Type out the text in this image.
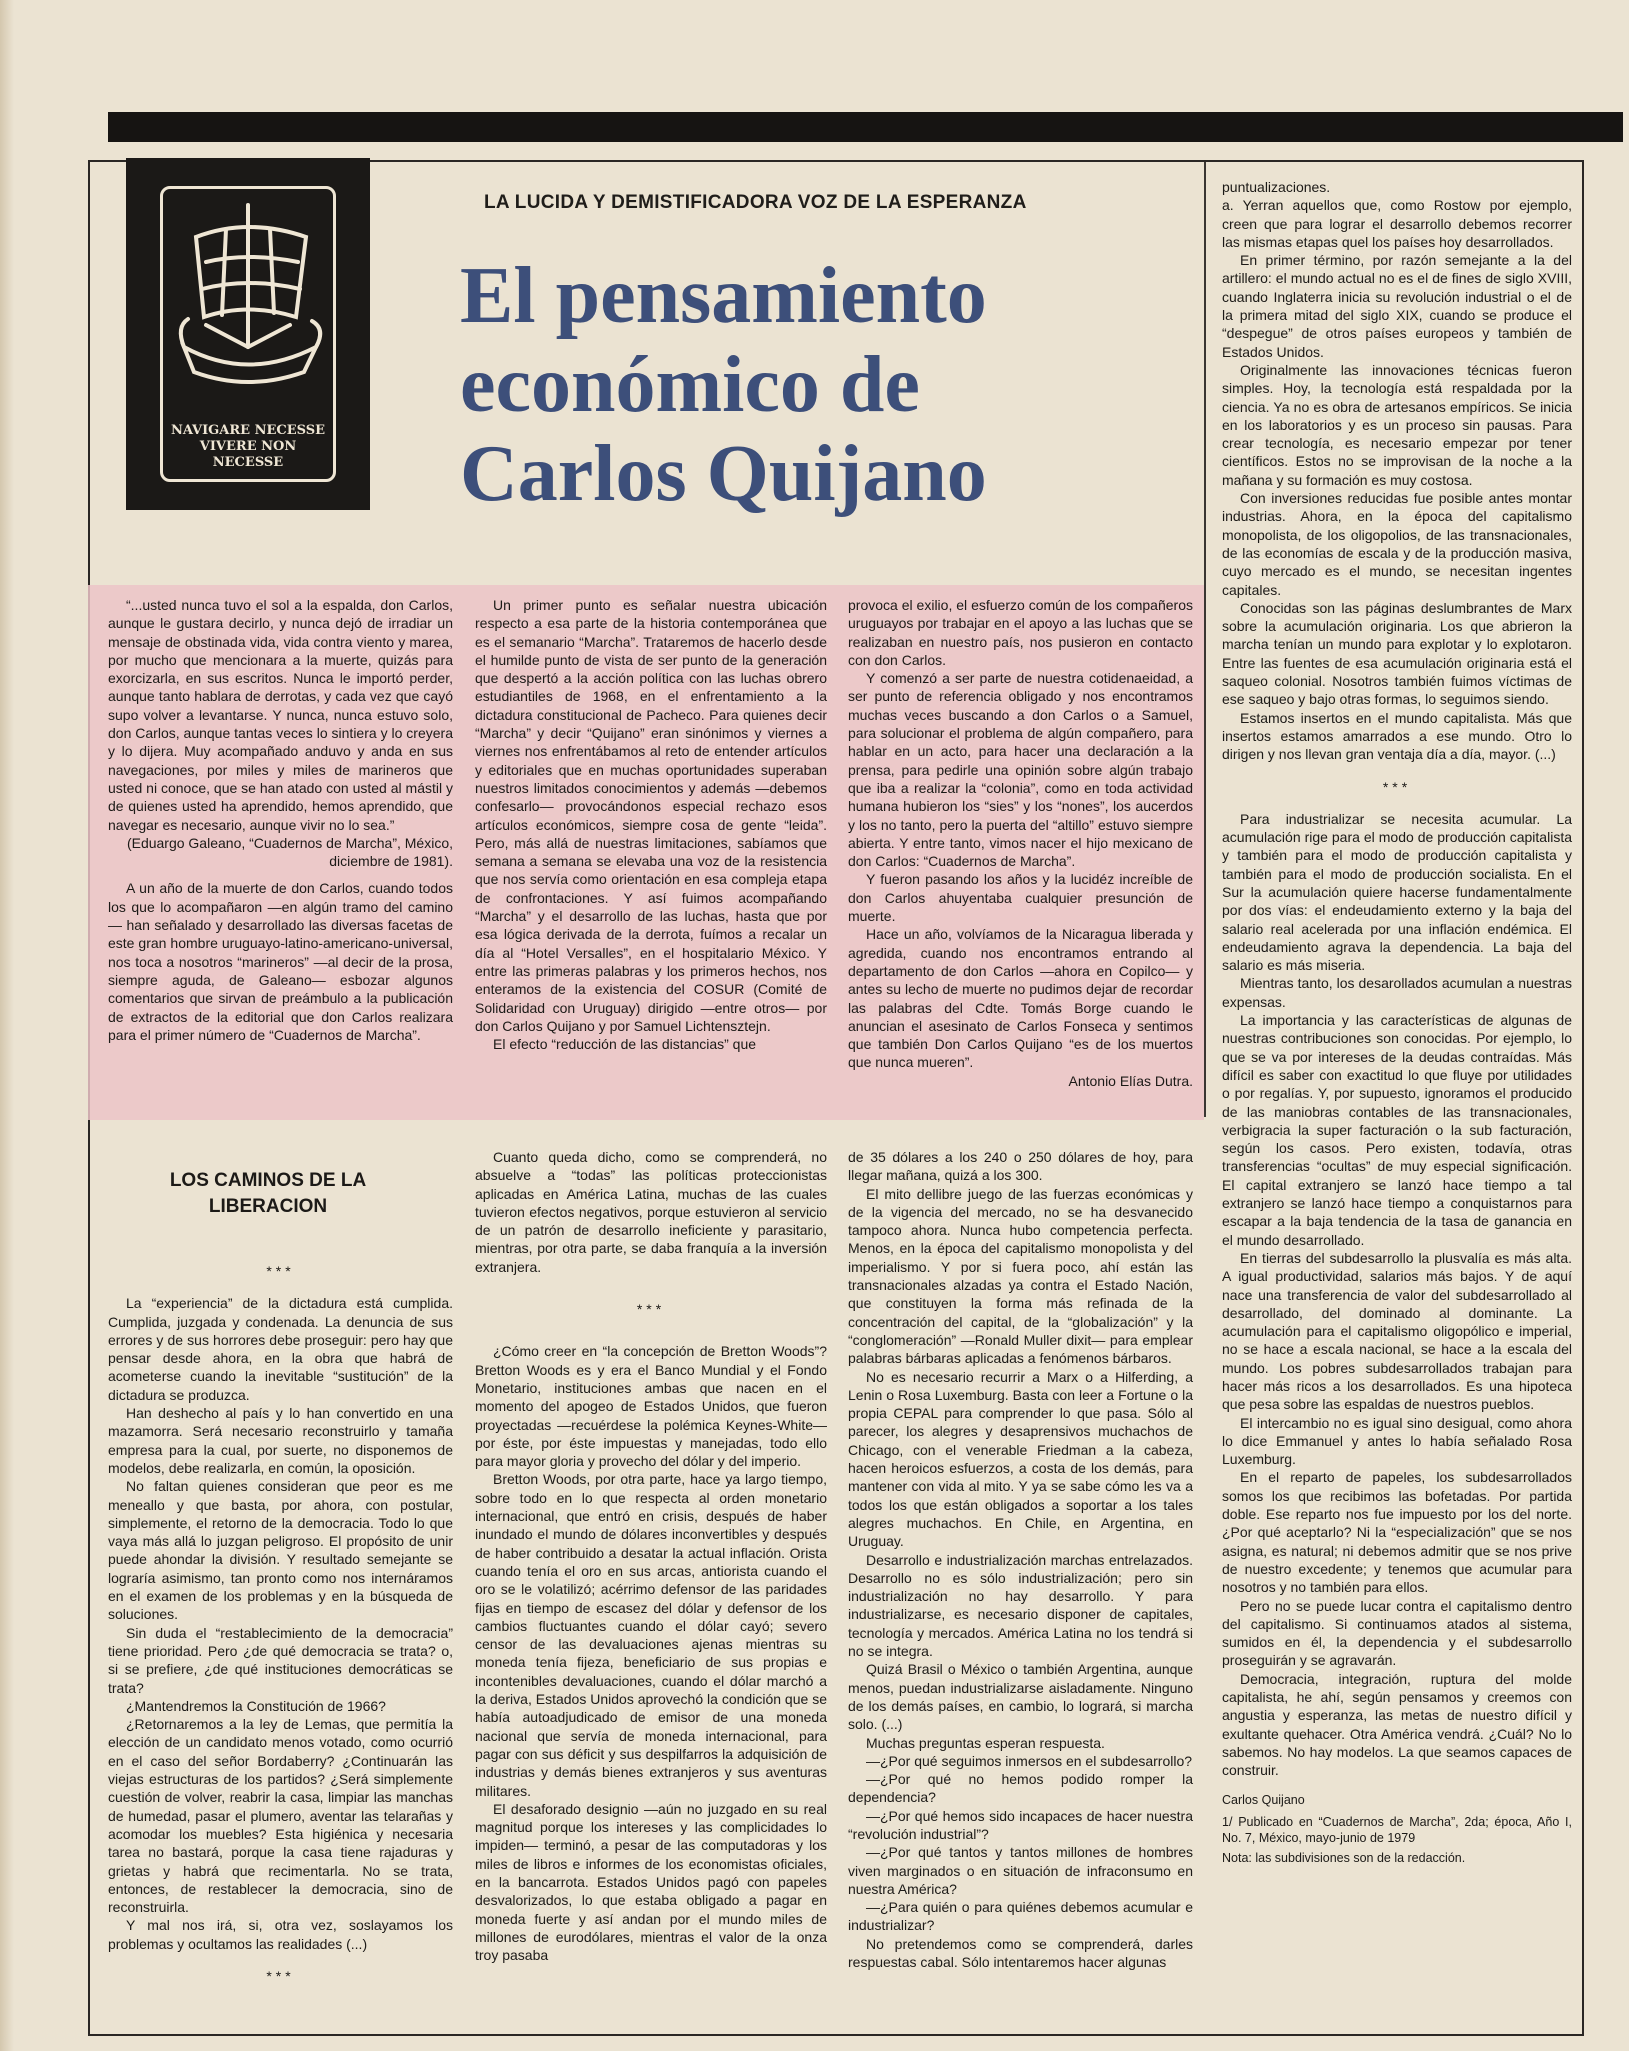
NAVIGARE NECESSE
VIVERE NON NECESSE
LA LUCIDA Y DEMISTIFICADORA VOZ DE LA ESPERANZA
El pensamiento
económico de
Carlos Quijano

puntualizaciones.

a. Yerran aquellos que, como Rostow por ejemplo, creen que para lograr el desarrollo debemos recorrer las mismas etapas quel los países hoy desarrollados.

En primer término, por razón semejante a la del artillero: el mundo actual no es el de fines de siglo XVIII, cuando Inglaterra inicia su revolución industrial o el de la primera mitad del siglo XIX, cuando se produce el “despegue” de otros países europeos y también de Estados Unidos.

Originalmente las innovaciones técnicas fueron simples. Hoy, la tecnología está respaldada por la ciencia. Ya no es obra de artesanos empíricos. Se inicia en los laboratorios y es un proceso sin pausas. Para crear tecnología, es necesario empezar por tener científicos. Estos no se improvisan de la noche a la mañana y su formación es muy costosa.

Con inversiones reducidas fue posible antes montar industrias. Ahora, en la época del capitalismo monopolista, de los oligopolios, de las transnacionales, de las economías de escala y de la producción masiva, cuyo mercado es el mundo, se necesitan ingentes capitales.

Conocidas son las páginas deslumbrantes de Marx sobre la acumulación originaria. Los que abrieron la marcha tenían un mundo para explotar y lo explotaron. Entre las fuentes de esa acumulación originaria está el saqueo colonial. Nosotros también fuimos víctimas de ese saqueo y bajo otras formas, lo seguimos siendo.

Estamos insertos en el mundo capitalista. Más que insertos estamos amarrados a ese mundo. Otro lo dirigen y nos llevan gran ventaja día a día, mayor. (...)

***

Para industrializar se necesita acumular. La acumulación rige para el modo de producción capitalista y también para el modo de producción capitalista y también para el modo de producción socialista. En el Sur la acumulación quiere hacerse fundamentalmente por dos vías: el endeudamiento externo y la baja del salario real acelerada por una inflación endémica. El endeudamiento agrava la dependencia. La baja del salario es más miseria.

Mientras tanto, los desarollados acumulan a nuestras expensas.

La importancia y las características de algunas de nuestras contribuciones son conocidas. Por ejemplo, lo que se va por intereses de la deudas contraídas. Más difícil es saber con exactitud lo que fluye por utilidades o por regalías. Y, por supuesto, ignoramos el producido de las maniobras contables de las transnacionales, verbigracia la super facturación o la sub facturación, según los casos. Pero existen, todavía, otras transferencias “ocultas” de muy especial significación. El capital extranjero se lanzó hace tiempo a tal extranjero se lanzó hace tiempo a conquistarnos para escapar a la baja tendencia de la tasa de ganancia en el mundo desarrollado.

En tierras del subdesarrollo la plusvalía es más alta. A igual productividad, salarios más bajos. Y de aquí nace una transferencia de valor del subdesarrollado al desarrollado, del dominado al dominante. La acumulación para el capitalismo oligopólico e imperial, no se hace a escala nacional, se hace a la escala del mundo. Los pobres subdesarrollados trabajan para hacer más ricos a los desarrollados. Es una hipoteca que pesa sobre las espaldas de nuestros pueblos.

El intercambio no es igual sino desigual, como ahora lo dice Emmanuel y antes lo había señalado Rosa Luxemburg.

En el reparto de papeles, los subdesarrollados somos los que recibimos las bofetadas. Por partida doble. Ese reparto nos fue impuesto por los del norte. ¿Por qué aceptarlo? Ni la “especialización” que se nos asigna, es natural; ni debemos admitir que se nos prive de nuestro excedente; y tenemos que acumular para nosotros y no también para ellos.

Pero no se puede lucar contra el capitalismo dentro del capitalismo. Si continuamos atados al sistema, sumidos en él, la dependencia y el subdesarrollo proseguirán y se agravarán.

Democracia, integración, ruptura del molde capitalista, he ahí, según pensamos y creemos con angustia y esperanza, las metas de nuestro difícil y exultante quehacer. Otra América vendrá. ¿Cuál? No lo sabemos. No hay modelos. La que seamos capaces de construir.

Carlos Quijano

1/ Publicado en “Cuadernos de Marcha”, 2da; época, Año I, No. 7, México, mayo-junio de 1979

Nota: las subdivisiones son de la redacción.

“...usted nunca tuvo el sol a la espalda, don Carlos, aunque le gustara decirlo, y nunca dejó de irradiar un mensaje de obstinada vida, vida contra viento y marea, por mucho que mencionara a la muerte, quizás para exorcizarla, en sus escritos. Nunca le importó perder, aunque tanto hablara de derrotas, y cada vez que cayó supo volver a levantarse. Y nunca, nunca estuvo solo, don Carlos, aunque tantas veces lo sintiera y lo creyera y lo dijera. Muy acompañado anduvo y anda en sus navegaciones, por miles y miles de marineros que usted ni conoce, que se han atado con usted al mástil y de quienes usted ha aprendido, hemos aprendido, que navegar es necesario, aunque vivir no lo sea.”

(Eduargo Galeano, “Cuadernos de Marcha”, México, diciembre de 1981).

A un año de la muerte de don Carlos, cuando todos los que lo acompañaron —en algún tramo del camino— han señalado y desarrollado las diversas facetas de este gran hombre uruguayo-latino-americano-universal, nos toca a nosotros “marineros” —al decir de la prosa, siempre aguda, de Galeano— esbozar algunos comentarios que sirvan de preámbulo a la publicación de extractos de la editorial que don Carlos realizara para el primer número de “Cuadernos de Marcha”.

Un primer punto es señalar nuestra ubicación respecto a esa parte de la historia contemporánea que es el semanario “Marcha”. Trataremos de hacerlo desde el humilde punto de vista de ser punto de la generación que despertó a la acción política con las luchas obrero estudiantiles de 1968, en el enfrentamiento a la dictadura constitucional de Pacheco. Para quienes decir “Marcha” y decir “Quijano” eran sinónimos y viernes a viernes nos enfrentábamos al reto de entender artículos y editoriales que en muchas oportunidades superaban nuestros limitados conocimientos y además —debemos confesarlo— provocándonos especial rechazo esos artículos económicos, siempre cosa de gente “leida”. Pero, más allá de nuestras limitaciones, sabíamos que semana a semana se elevaba una voz de la resistencia que nos servía como orientación en esa compleja etapa de confrontaciones. Y así fuimos acompañando “Marcha” y el desarrollo de las luchas, hasta que por esa lógica derivada de la derrota, fuímos a recalar un día al “Hotel Versalles”, en el hospitalario México. Y entre las primeras palabras y los primeros hechos, nos enteramos de la existencia del COSUR (Comité de Solidaridad con Uruguay) dirigido —entre otros— por don Carlos Quijano y por Samuel Lichtensztejn.

El efecto “reducción de las distancias” que

provoca el exilio, el esfuerzo común de los compañeros uruguayos por trabajar en el apoyo a las luchas que se realizaban en nuestro país, nos pusieron en contacto con don Carlos.

Y comenzó a ser parte de nuestra cotidenaeidad, a ser punto de referencia obligado y nos encontramos muchas veces buscando a don Carlos o a Samuel, para solucionar el problema de algún compañero, para hablar en un acto, para hacer una declaración a la prensa, para pedirle una opinión sobre algún trabajo que iba a realizar la “colonia”, como en toda actividad humana hubieron los “sies” y los “nones”, los aucerdos y los no tanto, pero la puerta del “altillo” estuvo siempre abierta. Y entre tanto, vimos nacer el hijo mexicano de don Carlos: “Cuadernos de Marcha”.

Y fueron pasando los años y la lucidéz increíble de don Carlos ahuyentaba cualquier presunción de muerte.

Hace un año, volvíamos de la Nicaragua liberada y agredida, cuando nos encontramos entrando al departamento de don Carlos —ahora en Copilco— y antes su lecho de muerte no pudimos dejar de recordar las palabras del Cdte. Tomás Borge cuando le anuncian el asesinato de Carlos Fonseca y sentimos que también Don Carlos Quijano “es de los muertos que nunca mueren”.

Antonio Elías Dutra.

LOS CAMINOS DE LA
LIBERACION

***

La “experiencia” de la dictadura está cumplida. Cumplida, juzgada y condenada. La denuncia de sus errores y de sus horrores debe proseguir: pero hay que pensar desde ahora, en la obra que habrá de acometerse cuando la inevitable “sustitución” de la dictadura se produzca.

Han deshecho al país y lo han convertido en una mazamorra. Será necesario reconstruirlo y tamaña empresa para la cual, por suerte, no disponemos de modelos, debe realizarla, en común, la oposición.

No faltan quienes consideran que peor es me meneallo y que basta, por ahora, con postular, simplemente, el retorno de la democracia. Todo lo que vaya más allá lo juzgan peligroso. El propósito de unir puede ahondar la división. Y resultado semejante se lograría asimismo, tan pronto como nos internáramos en el examen de los problemas y en la búsqueda de soluciones.

Sin duda el “restablecimiento de la democracia” tiene prioridad. Pero ¿de qué democracia se trata? o, si se prefiere, ¿de qué instituciones democráticas se trata?

¿Mantendremos la Constitución de 1966?

¿Retornaremos a la ley de Lemas, que permitía la elección de un candidato menos votado, como ocurrió en el caso del señor Bordaberry? ¿Continuarán las viejas estructuras de los partidos? ¿Será simplemente cuestión de volver, reabrir la casa, limpiar las manchas de humedad, pasar el plumero, aventar las telarañas y acomodar los muebles? Esta higiénica y necesaria tarea no bastará, porque la casa tiene rajaduras y grietas y habrá que recimentarla. No se trata, entonces, de restablecer la democracia, sino de reconstruirla.

Y mal nos irá, si, otra vez, soslayamos los problemas y ocultamos las realidades (...)

***

Cuanto queda dicho, como se comprenderá, no absuelve a “todas” las políticas proteccionistas aplicadas en América Latina, muchas de las cuales tuvieron efectos negativos, porque estuvieron al servicio de un patrón de desarrollo ineficiente y parasitario, mientras, por otra parte, se daba franquía a la inversión extranjera.

***

¿Cómo creer en “la concepción de Bretton Woods”? Bretton Woods es y era el Banco Mundial y el Fondo Monetario, instituciones ambas que nacen en el momento del apogeo de Estados Unidos, que fueron proyectadas —recuérdese la polémica Keynes-White— por éste, por éste impuestas y manejadas, todo ello para mayor gloria y provecho del dólar y del imperio.

Bretton Woods, por otra parte, hace ya largo tiempo, sobre todo en lo que respecta al orden monetario internacional, que entró en crisis, después de haber inundado el mundo de dólares inconvertibles y después de haber contribuido a desatar la actual inflación. Orista cuando tenía el oro en sus arcas, antiorista cuando el oro se le volatilizó; acérrimo defensor de las paridades fijas en tiempo de escasez del dólar y defensor de los cambios fluctuantes cuando el dólar cayó; severo censor de las devaluaciones ajenas mientras su moneda tenía fijeza, beneficiario de sus propias e incontenibles devaluaciones, cuando el dólar marchó a la deriva, Estados Unidos aprovechó la condición que se había autoadjudicado de emisor de una moneda nacional que servía de moneda internacional, para pagar con sus déficit y sus despilfarros la adquisición de industrias y demás bienes extranjeros y sus aventuras militares.

El desaforado designio —aún no juzgado en su real magnitud porque los intereses y las complicidades lo impiden— terminó, a pesar de las computadoras y los miles de libros e informes de los economistas oficiales, en la bancarrota. Estados Unidos pagó con papeles desvalorizados, lo que estaba obligado a pagar en moneda fuerte y así andan por el mundo miles de millones de eurodólares, mientras el valor de la onza troy pasaba

de 35 dólares a los 240 o 250 dólares de hoy, para llegar mañana, quizá a los 300.

El mito dellibre juego de las fuerzas económicas y de la vigencia del mercado, no se ha desvanecido tampoco ahora. Nunca hubo competencia perfecta. Menos, en la época del capitalismo monopolista y del imperialismo. Y por si fuera poco, ahí están las transnacionales alzadas ya contra el Estado Nación, que constituyen la forma más refinada de la concentración del capital, de la “globalización” y la “conglomeración” —Ronald Muller dixit— para emplear palabras bárbaras aplicadas a fenómenos bárbaros.

No es necesario recurrir a Marx o a Hilferding, a Lenin o Rosa Luxemburg. Basta con leer a Fortune o la propia CEPAL para comprender lo que pasa. Sólo al parecer, los alegres y desaprensivos muchachos de Chicago, con el venerable Friedman a la cabeza, hacen heroicos esfuerzos, a costa de los demás, para mantener con vida al mito. Y ya se sabe cómo les va a todos los que están obligados a soportar a los tales alegres muchachos. En Chile, en Argentina, en Uruguay.

Desarrollo e industrialización marchas entrelazados. Desarrollo no es sólo industrialización; pero sin industrialización no hay desarrollo. Y para industrializarse, es necesario disponer de capitales, tecnología y mercados. América Latina no los tendrá si no se integra.

Quizá Brasil o México o también Argentina, aunque menos, puedan industrializarse aisladamente. Ninguno de los demás países, en cambio, lo logrará, si marcha solo. (...)

Muchas preguntas esperan respuesta.

—¿Por qué seguimos inmersos en el subdesarrollo?

—¿Por qué no hemos podido romper la dependencia?

—¿Por qué hemos sido incapaces de hacer nuestra “revolución industrial”?

—¿Por qué tantos y tantos millones de hombres viven marginados o en situación de infraconsumo en nuestra América?

—¿Para quién o para quiénes debemos acumular e industrializar?

No pretendemos como se comprenderá, darles respuestas cabal. Sólo intentaremos hacer algunas
